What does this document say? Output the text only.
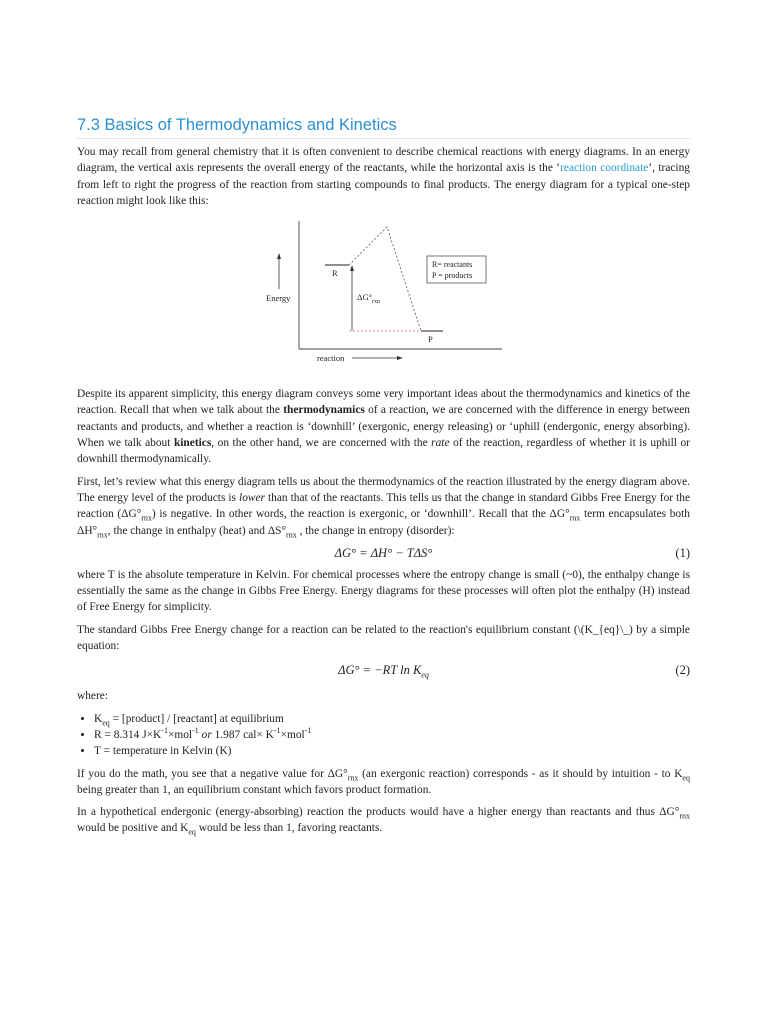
7.3 Basics of Thermodynamics and Kinetics

You may recall from general chemistry that it is often convenient to describe chemical reactions with energy diagrams. In an energy diagram, the vertical axis represents the overall energy of the reactants, while the horizontal axis is the ‘reaction coordinate’, tracing from left to right the progress of the reaction from starting compounds to final products. The energy diagram for a typical one-step reaction might look like this:

Energy
reaction
R
P
$\Delta G^\circ_{rxn}$
R= reactants
P = products

Despite its apparent simplicity, this energy diagram conveys some very important ideas about the thermodynamics and kinetics of the reaction. Recall that when we talk about the thermodynamics of a reaction, we are concerned with the difference in energy between reactants and products, and whether a reaction is ‘downhill’ (exergonic, energy releasing) or ‘uphill (endergonic, energy absorbing). When we talk about kinetics, on the other hand, we are concerned with the rate of the reaction, regardless of whether it is uphill or downhill thermodynamically.

First, let’s review what this energy diagram tells us about the thermodynamics of the reaction illustrated by the energy diagram above. The energy level of the products is lower than that of the reactants. This tells us that the change in standard Gibbs Free Energy for the reaction $(\Delta G^\circ_{rnx})$ is negative. In other words, the reaction is exergonic, or ‘downhill’. Recall that the $\Delta G^\circ_{rnx}$ term encapsulates both $\Delta H^\circ_{rnx}$, the change in enthalpy (heat) and $\Delta S^\circ_{rnx}$ , the change in entropy (disorder):

ΔG° = ΔH° − TΔS°	(1)

where T is the absolute temperature in Kelvin. For chemical processes where the entropy change is small (~0), the enthalpy change is essentially the same as the change in Gibbs Free Energy. Energy diagrams for these processes will often plot the enthalpy (H) instead of Free Energy for simplicity.

The standard Gibbs Free Energy change for a reaction can be related to the reaction's equilibrium constant (\(K_{eq}\_) by a simple equation:

ΔG° = −RT $\ln K_{eq}$	(2)

where:

• $K_{eq}$ = [product] / [reactant] at equilibrium
• R = 8.314 $J\times K^{-1}\times mol^{-1}$ or 1.987 $cal\times K^{-1}\times mol^{-1}$
• T = temperature in Kelvin (K)

If you do the math, you see that a negative value for $\Delta G^\circ_{rnx}$ (an exergonic reaction) corresponds - as it should by intuition - to $K_{eq}$ being greater than 1, an equilibrium constant which favors product formation.

In a hypothetical endergonic (energy-absorbing) reaction the products would have a higher energy than reactants and thus $\Delta G^\circ_{rnx}$ would be positive and $K_{eq}$ would be less than 1, favoring reactants.
